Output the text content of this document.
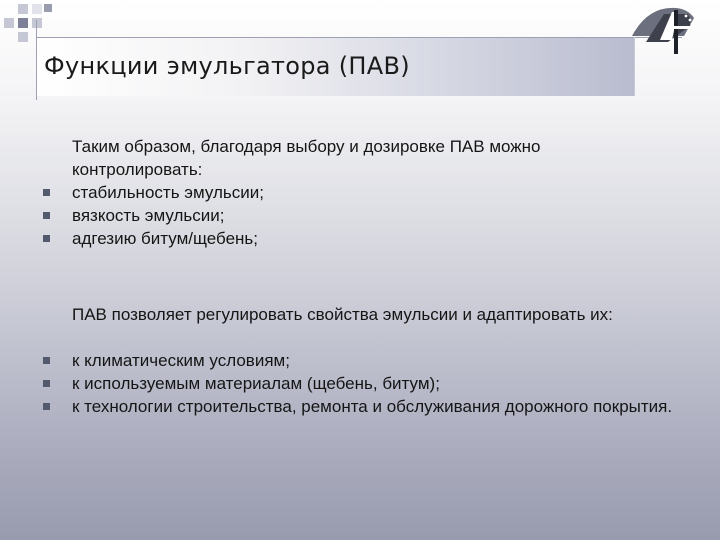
Функции эмульгатора (ПАВ)
Таким образом, благодаря выбору и дозировке ПАВ можно контролировать:
стабильность эмульсии;
вязкость эмульсии;
адгезию битум/щебень;
ПАВ позволяет регулировать свойства эмульсии и адаптировать их:
к климатическим условиям;
к используемым материалам (щебень, битум);
к технологии строительства, ремонта и обслуживания дорожного покрытия.
